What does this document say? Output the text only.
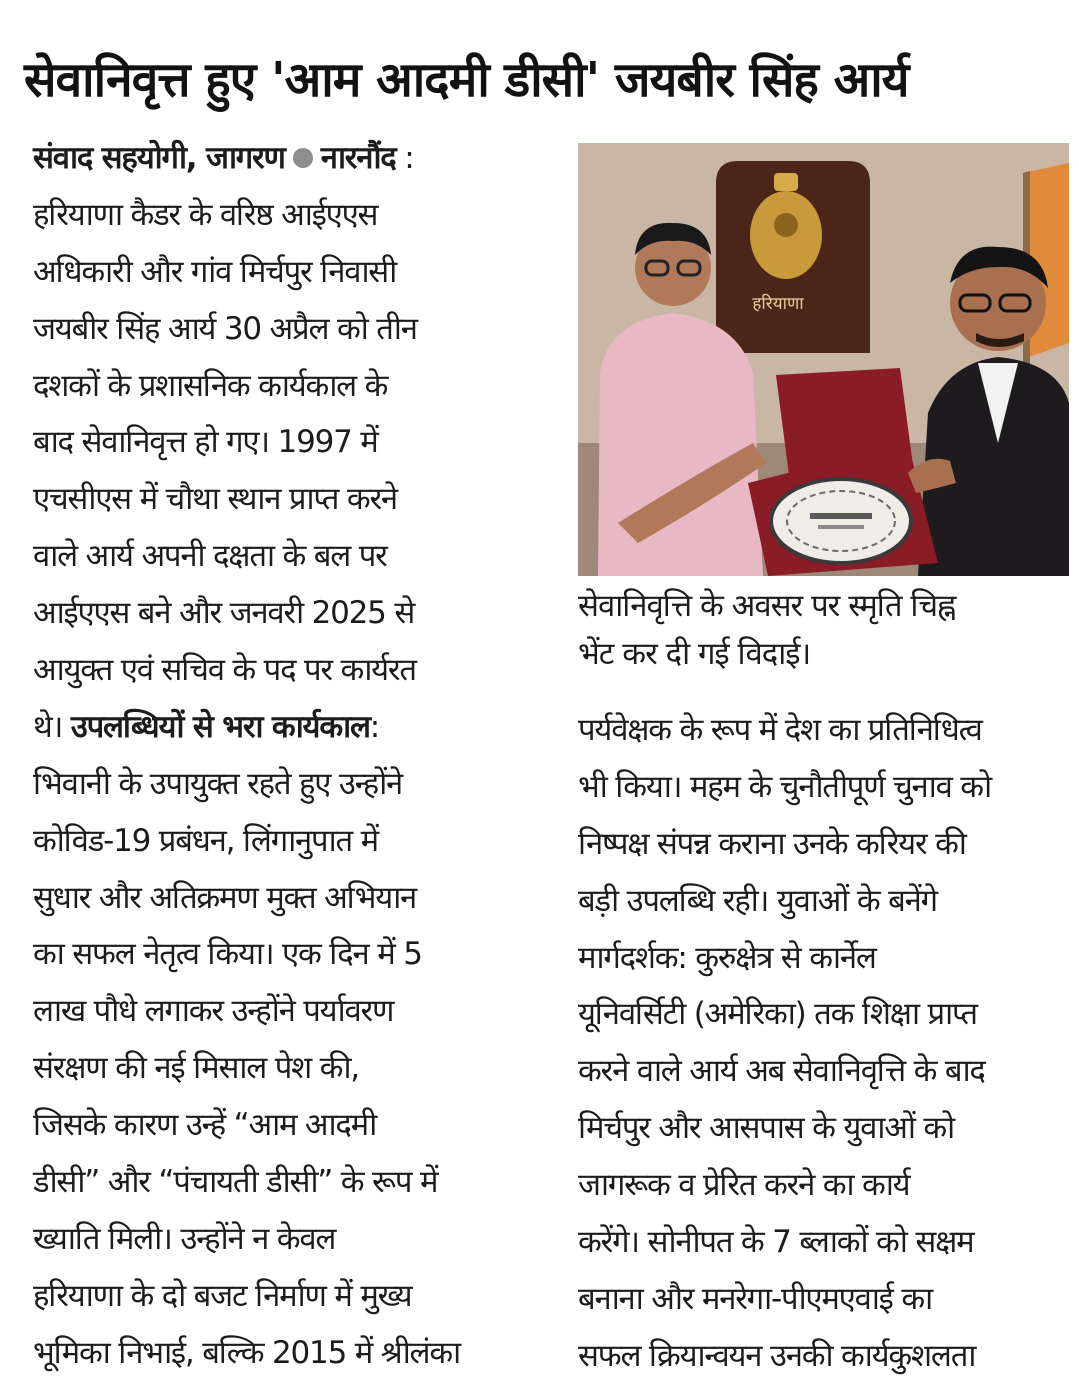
सेवानिवृत्त हुए 'आम आदमी डीसी' जयबीर सिंह आर्य
संवाद सहयोगी, जागरण नारनौंद :
हरियाणा कैडर के वरिष्ठ आईएएस
अधिकारी और गांव मिर्चपुर निवासी
जयबीर सिंह आर्य 30 अप्रैल को तीन
दशकों के प्रशासनिक कार्यकाल के
बाद सेवानिवृत्त हो गए। 1997 में
एचसीएस में चौथा स्थान प्राप्त करने
वाले आर्य अपनी दक्षता के बल पर
आईएएस बने और जनवरी 2025 से
आयुक्त एवं सचिव के पद पर कार्यरत
थे। उपलब्धियों से भरा कार्यकाल:
भिवानी के उपायुक्त रहते हुए उन्होंने
कोविड-19 प्रबंधन, लिंगानुपात में
सुधार और अतिक्रमण मुक्त अभियान
का सफल नेतृत्व किया। एक दिन में 5
लाख पौधे लगाकर उन्होंने पर्यावरण
संरक्षण की नई मिसाल पेश की,
जिसके कारण उन्हें “आम आदमी
डीसी” और “पंचायती डीसी” के रूप में
ख्याति मिली। उन्होंने न केवल
हरियाणा के दो बजट निर्माण में मुख्य
भूमिका निभाई, बल्कि 2015 में श्रीलंका
हरियाणा
सेवानिवृत्ति के अवसर पर स्मृति चिह्न
भेंट कर दी गई विदाई।
पर्यवेक्षक के रूप में देश का प्रतिनिधित्व
भी किया। महम के चुनौतीपूर्ण चुनाव को
निष्पक्ष संपन्न कराना उनके करियर की
बड़ी उपलब्धि रही। युवाओं के बनेंगे
मार्गदर्शक: कुरुक्षेत्र से कार्नेल
यूनिवर्सिटी (अमेरिका) तक शिक्षा प्राप्त
करने वाले आर्य अब सेवानिवृत्ति के बाद
मिर्चपुर और आसपास के युवाओं को
जागरूक व प्रेरित करने का कार्य
करेंगे। सोनीपत के 7 ब्लाकों को सक्षम
बनाना और मनरेगा-पीएमएवाई का
सफल क्रियान्वयन उनकी कार्यकुशलता
